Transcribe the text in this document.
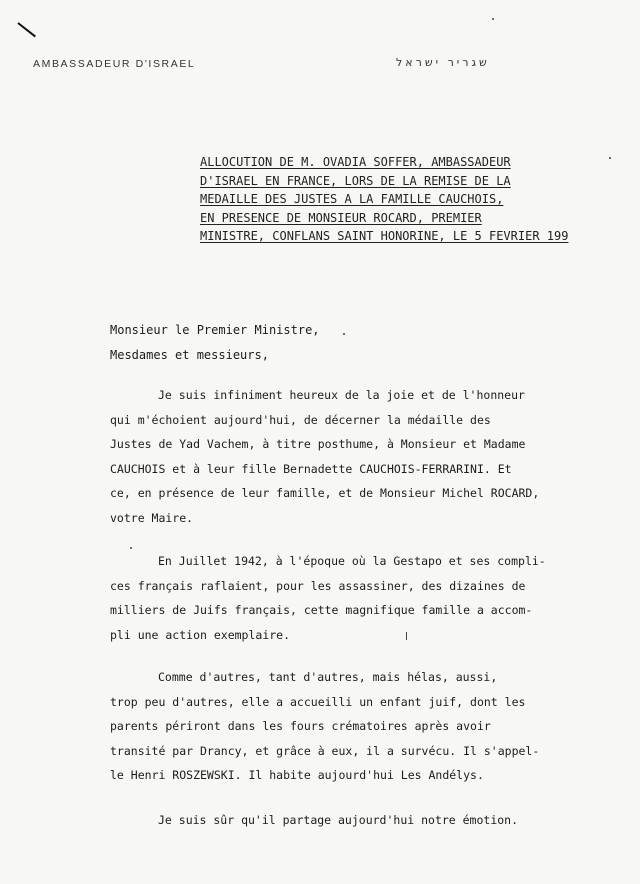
AMBASSADEUR D'ISRAEL	שגריר ישראל
ALLOCUTION DE M. OVADIA SOFFER, AMBASSADEUR
D'ISRAEL EN FRANCE, LORS DE LA REMISE DE LA
MEDAILLE DES JUSTES A LA FAMILLE CAUCHOIS,
EN PRESENCE DE MONSIEUR ROCARD, PREMIER
MINISTRE, CONFLANS SAINT HONORINE, LE 5 FEVRIER 199
Monsieur le Premier Ministre,
Mesdames et messieurs,
Je suis infiniment heureux de la joie et de l'honneur
qui m'échoient aujourd'hui, de décerner la médaille des
Justes de Yad Vachem, à titre posthume, à Monsieur et Madame
CAUCHOIS et à leur fille Bernadette CAUCHOIS-FERRARINI. Et
ce, en présence de leur famille, et de Monsieur Michel ROCARD,
votre Maire.
En Juillet 1942, à l'époque où la Gestapo et ses compli-
ces français raflaient, pour les assassiner, des dizaines de
milliers de Juifs français, cette magnifique famille a accom-
pli une action exemplaire.
Comme d'autres, tant d'autres, mais hélas, aussi,
trop peu d'autres, elle a accueilli un enfant juif, dont les
parents périront dans les fours crématoires après avoir
transité par Drancy, et grâce à eux, il a survécu. Il s'appel-
le Henri ROSZEWSKI. Il habite aujourd'hui Les Andélys.
Je suis sûr qu'il partage aujourd'hui notre émotion.
